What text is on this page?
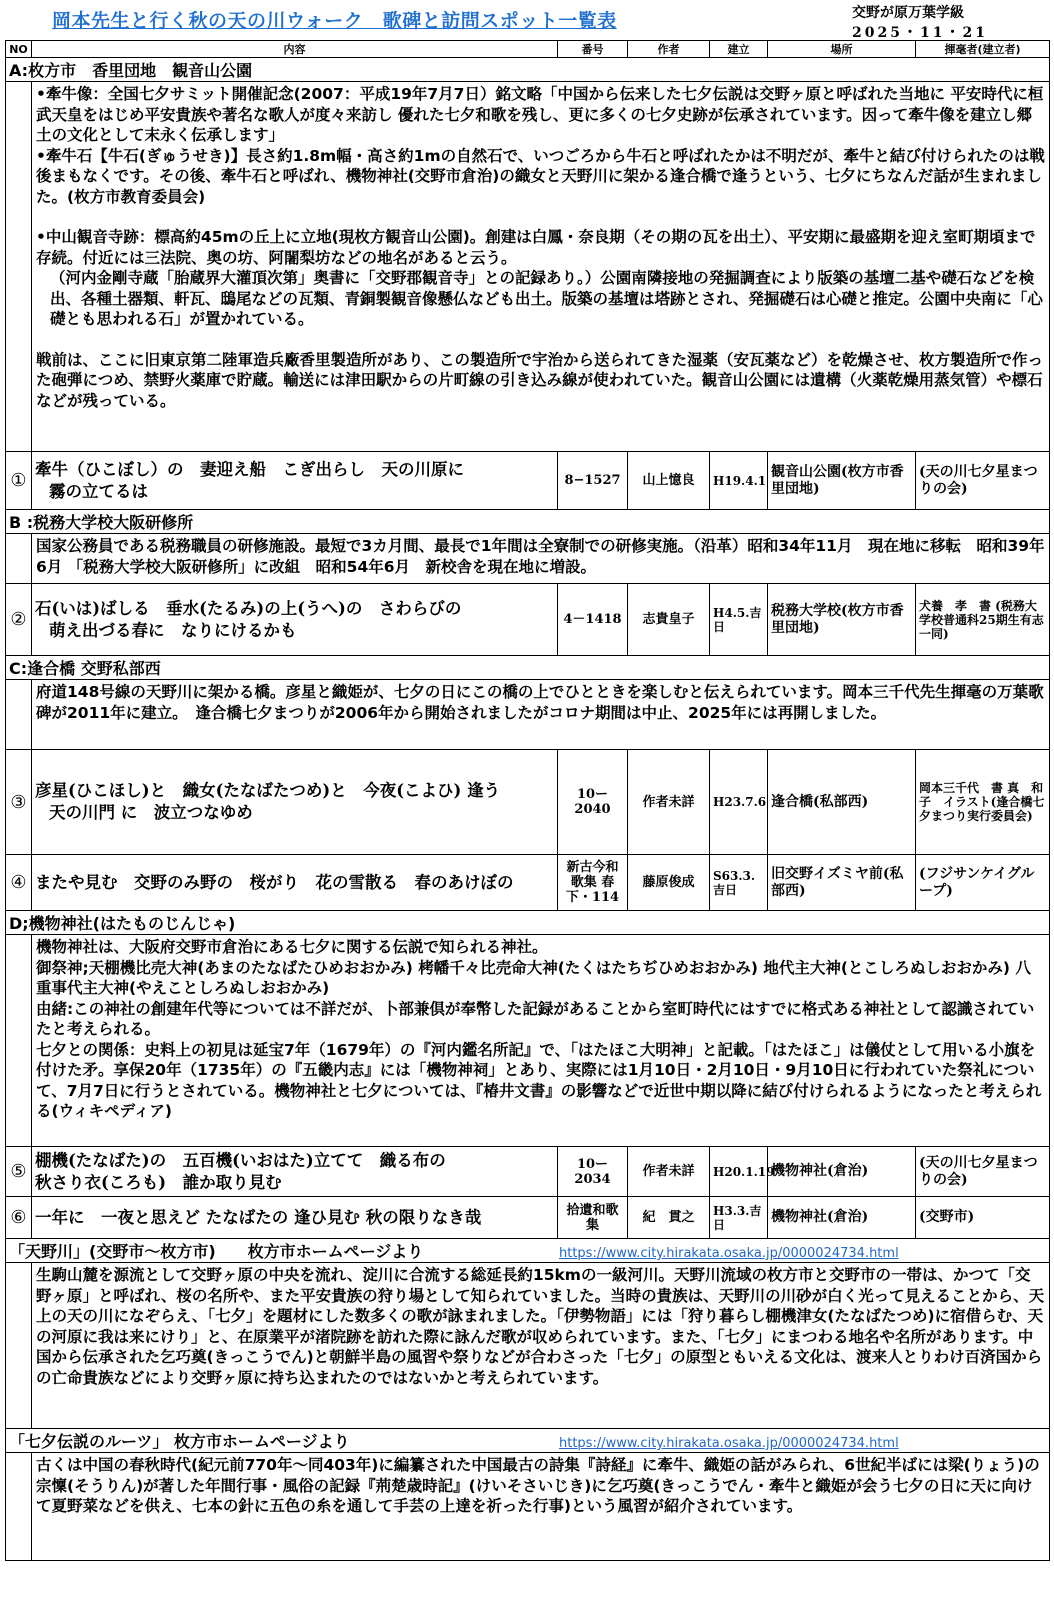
岡本先生と行く秋の天の川ウォーク　歌碑と訪問スポット一覧表	交野が原万葉学級
2025・11・21
NO	内容	番号	作者	建立	場所	揮毫者(建立者)
A:枚方市　香里団地　観音山公園						

	•牽牛像：全国七夕サミット開催記念(2007：平成19年7月7日）銘文略「中国から伝来した七夕伝説は交野ヶ原と呼ばれた当地に 平安時代に桓武天皇をはじめ平安貴族や著名な歌人が度々来訪し 優れた七夕和歌を残し、更に多くの七夕史跡が伝承されています。因って牽牛像を建立し郷土の文化として末永く伝承します」

•牽牛石【牛石(ぎゅうせき)】長さ約1.8m幅・高さ約1mの自然石で、いつごろから牛石と呼ばれたかは不明だが、牽牛と結び付けられたのは戦後まもなくです。その後、牽牛石と呼ばれ、機物神社(交野市倉治)の織女と天野川に架かる逢合橋で逢うという、七夕にちなんだ話が生まれました。(枚方市教育委員会)

•中山観音寺跡：標高約45mの丘上に立地(現枚方観音山公園)。創建は白鳳・奈良期（その期の瓦を出土）、平安期に最盛期を迎え室町期頃まで存続。付近には三法院、奥の坊、阿闍梨坊などの地名があると云う。

（河内金剛寺蔵「胎蔵界大灌頂次第」奥書に「交野郡観音寺」との記録あり。）公園南隣接地の発掘調査により版築の基壇二基や礎石などを検出、各種土器類、軒瓦、鴟尾などの瓦類、青銅製観音像懸仏なども出土。版築の基壇は塔跡とされ、発掘礎石は心礎と推定。公園中央南に「心礎とも思われる石」が置かれている。

戦前は、ここに旧東京第二陸軍造兵廠香里製造所があり、この製造所で宇治から送られてきた湿薬（安瓦薬など）を乾燥させ、枚方製造所で作った砲弾につめ、禁野火薬庫で貯蔵。輸送には津田駅からの片町線の引き込み線が使われていた。観音山公園には遺構（火薬乾燥用蒸気管）や標石などが残っている。					

①	牽牛（ひこぼし）の　妻迎え船　こぎ出らし　天の川原に
霧の立てるは	8−1527	山上憶良	H19.4.1	観音山公園(枚方市香里団地)	(天の川七夕星まつりの会)
B :税務大学校大阪研修所						
	国家公務員である税務職員の研修施設。最短で3カ月間、最長で1年間は全寮制での研修実施。（沿革）昭和34年11月　現在地に移転　昭和39年6月 「税務大学校大阪研修所」に改組　昭和54年6月　新校舎を現在地に増設。					
②	石(いは)ばしる　垂水(たるみ)の上(うへ)の　さわらびの
萌え出づる春に　なりにけるかも	4－1418	志貴皇子	H4.5.吉日	税務大学校(枚方市香里団地)	犬養　孝　書 (税務大学校普通科25期生有志一同)
C:逢合橋 交野私部西						
	府道148号線の天野川に架かる橋。彦星と織姫が、七夕の日にこの橋の上でひとときを楽しむと伝えられています。岡本三千代先生揮毫の万葉歌碑が2011年に建立。　逢合橋七夕まつりが2006年から開始されましたがコロナ期間は中止、2025年には再開しました。					
③	彦星(ひこほし)と　織女(たなばたつめ)と　今夜(こよひ) 逢う
天の川門 に　波立つなゆめ	10ー2040	作者未詳	H23.7.6	逢合橋(私部西)	岡本三千代　書 真　和子　イラスト(逢合橋七夕まつり実行委員会)
④	またや見む　交野のみ野の　桜がり　花の雪散る　春のあけぼの	新古今和歌集 春下・114	藤原俊成	S63.3.吉日	旧交野イズミヤ前(私部西)	(フジサンケイグループ)
D;機物神社(はたものじんじゃ)						

	機物神社は、大阪府交野市倉治にある七夕に関する伝説で知られる神社。

御祭神;天棚機比売大神(あまのたなばたひめおおかみ) 栲幡千々比売命大神(たくはたちぢひめおおかみ) 地代主大神(とこしろぬしおおかみ) 八重事代主大神(やえことしろぬしおおかみ)

由緒:この神社の創建年代等については不詳だが、卜部兼倶が奉幣した記録があることから室町時代にはすでに格式ある神社として認識されていたと考えられる。

七夕との関係：史料上の初見は延宝7年（1679年）の『河内鑑名所記』で、「はたほこ大明神」と記載。「はたほこ」は儀仗として用いる小旗を付けた矛。享保20年（1735年）の『五畿内志』には「機物神祠」とあり、実際には1月10日・2月10日・9月10日に行われていた祭礼について、7月7日に行うとされている。機物神社と七夕については、『椿井文書』の影響などで近世中期以降に結び付けられるようになったと考えられる(ウィキペディア)					

⑤	棚機(たなばた)の　五百機(いおはた)立てて　織る布の
秋さり衣(ころも)　誰か取り見む	10ー2034	作者未詳	H20.1.19	機物神社(倉治)	(天の川七夕星まつりの会)
⑥	一年に　一夜と思えど たなばたの 逢ひ見む 秋の限りなき哉	拾遺和歌集	紀　貫之	H3.3.吉日	機物神社(倉治)	(交野市)
「天野川」(交野市～枚方市)　　枚方市ホームページより https://www.city.hirakata.osaka.jp/0000024734.html						
	生駒山麓を源流として交野ヶ原の中央を流れ、淀川に合流する総延長約15kmの一級河川。天野川流域の枚方市と交野市の一帯は、かつて「交野ヶ原」と呼ばれ、桜の名所や、また平安貴族の狩り場として知られていました。当時の貴族は、天野川の川砂が白く光って見えることから、天上の天の川になぞらえ、「七夕」を題材にした数多くの歌が詠まれました。「伊勢物語」には「狩り暮らし棚機津女(たなばたつめ)に宿借らむ、天の河原に我は来にけり」と、在原業平が渚院跡を訪れた際に詠んだ歌が収められています。また、「七夕」にまつわる地名や名所があります。中国から伝承された乞巧奠(きっこうでん)と朝鮮半島の風習や祭りなどが合わさった「七夕」の原型ともいえる文化は、渡来人とりわけ百済国からの亡命貴族などにより交野ヶ原に持ち込まれたのではないかと考えられています。					
「七夕伝説のルーツ」 枚方市ホームページより https://www.city.hirakata.osaka.jp/0000024734.html						
	古くは中国の春秋時代(紀元前770年～同403年)に編纂された中国最古の詩集『詩経』に牽牛、織姫の話がみられ、6世紀半ばには梁(りょう)の宗懍(そうりん)が著した年間行事・風俗の記録『荊楚歳時記』(けいそさいじき)に乞巧奠(きっこうでん・牽牛と織姫が会う七夕の日に天に向けて夏野菜などを供え、七本の針に五色の糸を通して手芸の上達を祈った行事)という風習が紹介されています。					
